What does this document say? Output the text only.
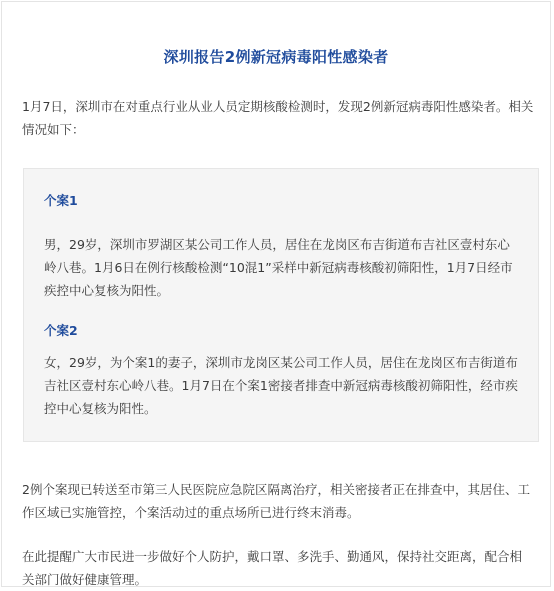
深圳报告2例新冠病毒阳性感染者

1月7日，深圳市在对重点行业从业人员定期核酸检测时，发现2例新冠病毒阳性感染者。相关情况如下：

个案1

男，29岁，深圳市罗湖区某公司工作人员，居住在龙岗区布吉街道布吉社区壹村东心岭八巷。1月6日在例行核酸检测“10混1”采样中新冠病毒核酸初筛阳性，1月7日经市疾控中心复核为阳性。

个案2

女，29岁，为个案1的妻子，深圳市龙岗区某公司工作人员，居住在龙岗区布吉街道布吉社区壹村东心岭八巷。1月7日在个案1密接者排查中新冠病毒核酸初筛阳性，经市疾控中心复核为阳性。

2例个案现已转送至市第三人民医院应急院区隔离治疗，相关密接者正在排查中，其居住、工作区域已实施管控，个案活动过的重点场所已进行终末消毒。

在此提醒广大市民进一步做好个人防护，戴口罩、多洗手、勤通风，保持社交距离，配合相关部门做好健康管理。
